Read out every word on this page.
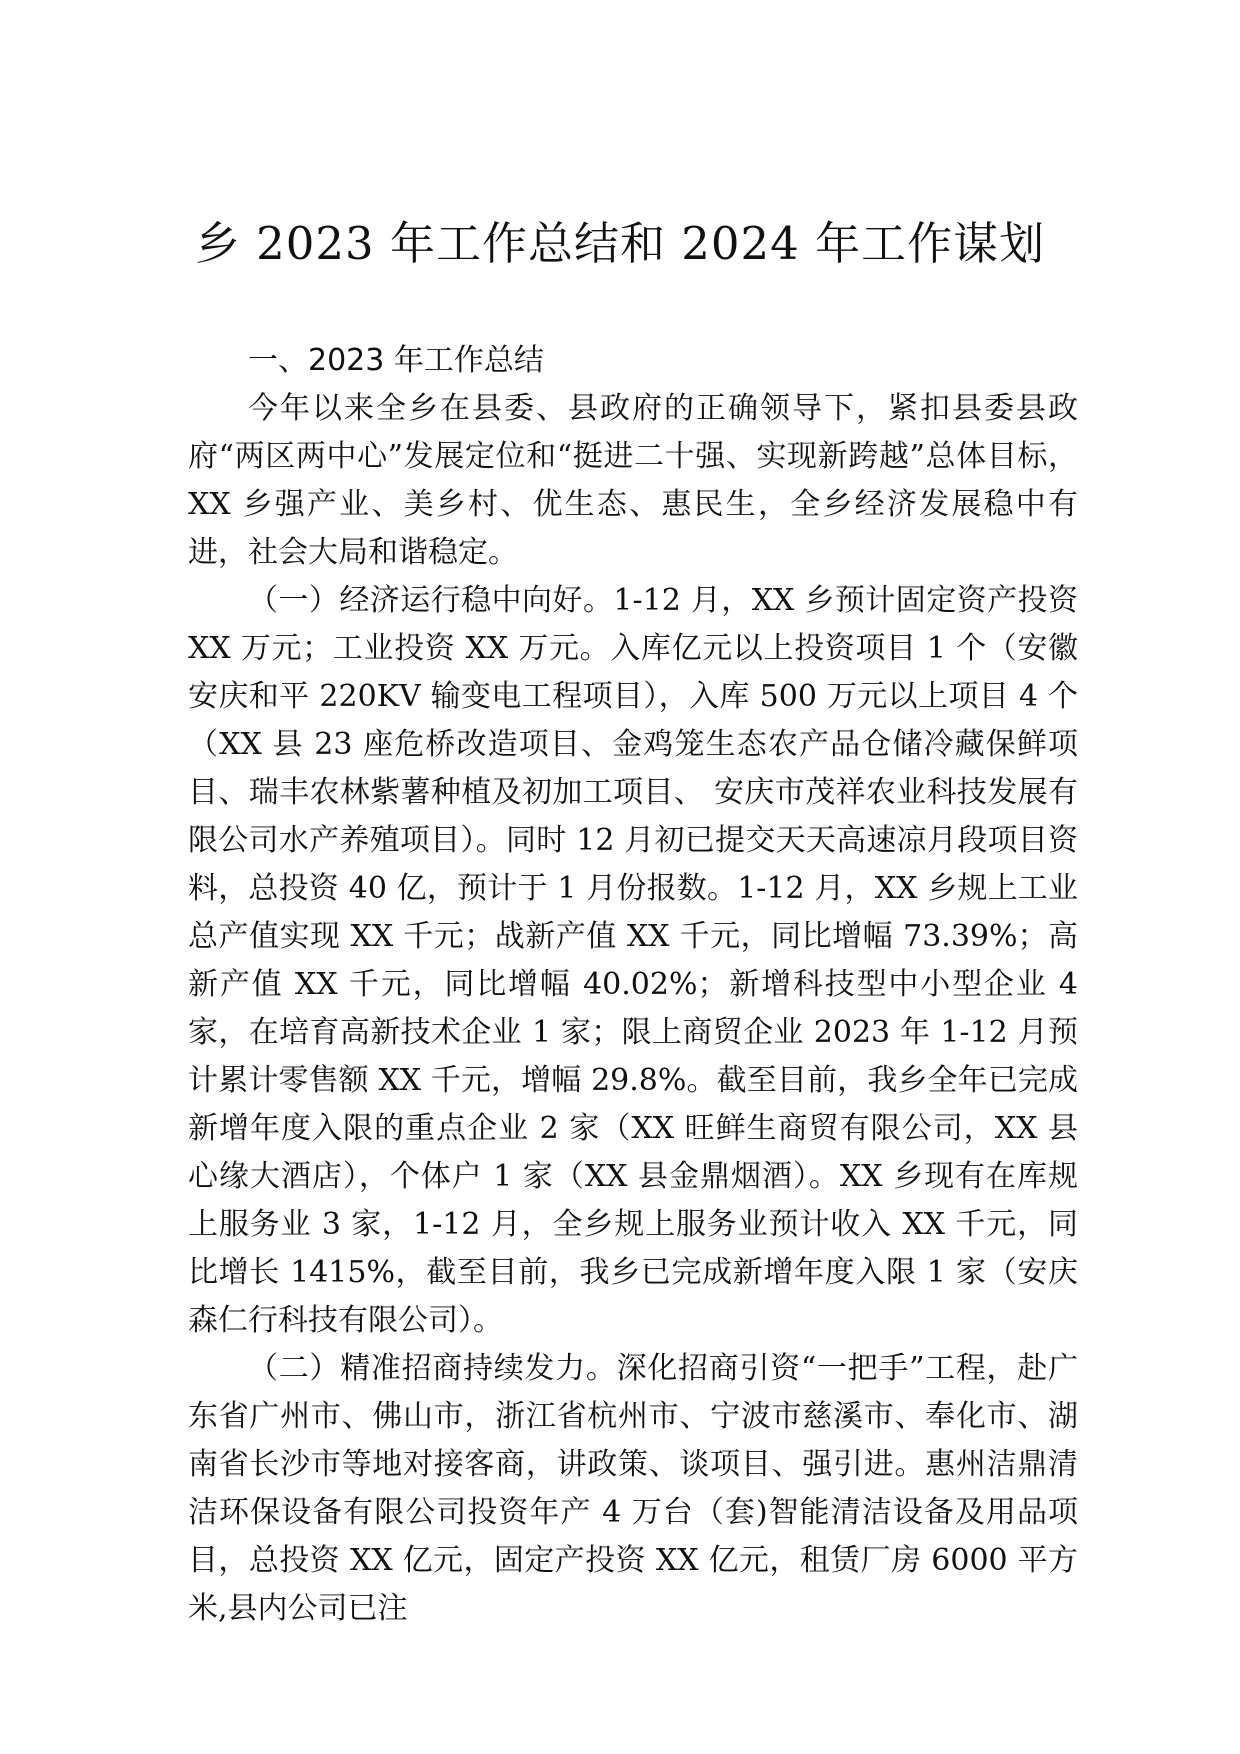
乡 2023 年工作总结和 2024 年工作谋划
一、2023 年工作总结

今年以来全乡在县委、县政府的正确领导下，紧扣县委县政府“两区两中心”发展定位和“挺进二十强、实现新跨越”总体目标，XX 乡强产业、美乡村、优生态、惠民生，全乡经济发展稳中有进，社会大局和谐稳定。

（一）经济运行稳中向好。1-12 月，XX 乡预计固定资产投资 XX 万元；工业投资 XX 万元。入库亿元以上投资项目 1 个（安徽安庆和平 220KV 输变电工程项目），入库 500 万元以上项目 4 个（XX 县 23 座危桥改造项目、金鸡笼生态农产品仓储冷藏保鲜项目、瑞丰农林紫薯种植及初加工项目、 安庆市茂祥农业科技发展有限公司水产养殖项目）。同时 12 月初已提交天天高速凉月段项目资料，总投资 40 亿，预计于 1 月份报数。1-12 月，XX 乡规上工业总产值实现 XX 千元；战新产值 XX 千元，同比增幅 73.39%；高新产值 XX 千元，同比增幅 40.02%；新增科技型中小型企业 4 家，在培育高新技术企业 1 家；限上商贸企业 2023 年 1-12 月预计累计零售额 XX 千元，增幅 29.8%。截至目前，我乡全年已完成新增年度入限的重点企业 2 家（XX 旺鲜生商贸有限公司，XX 县心缘大酒店），个体户 1 家（XX 县金鼎烟酒）。XX 乡现有在库规上服务业 3 家，1-12 月，全乡规上服务业预计收入 XX 千元，同比增长 1415%，截至目前，我乡已完成新增年度入限 1 家（安庆森仁行科技有限公司）。

（二）精准招商持续发力。深化招商引资“一把手”工程，赴广东省广州市、佛山市，浙江省杭州市、宁波市慈溪市、奉化市、湖南省长沙市等地对接客商，讲政策、谈项目、强引进。惠州洁鼎清洁环保设备有限公司投资年产 4 万台（套)智能清洁设备及用品项目，总投资 XX 亿元，固定产投资 XX 亿元，租赁厂房 6000 平方米,县内公司已注
